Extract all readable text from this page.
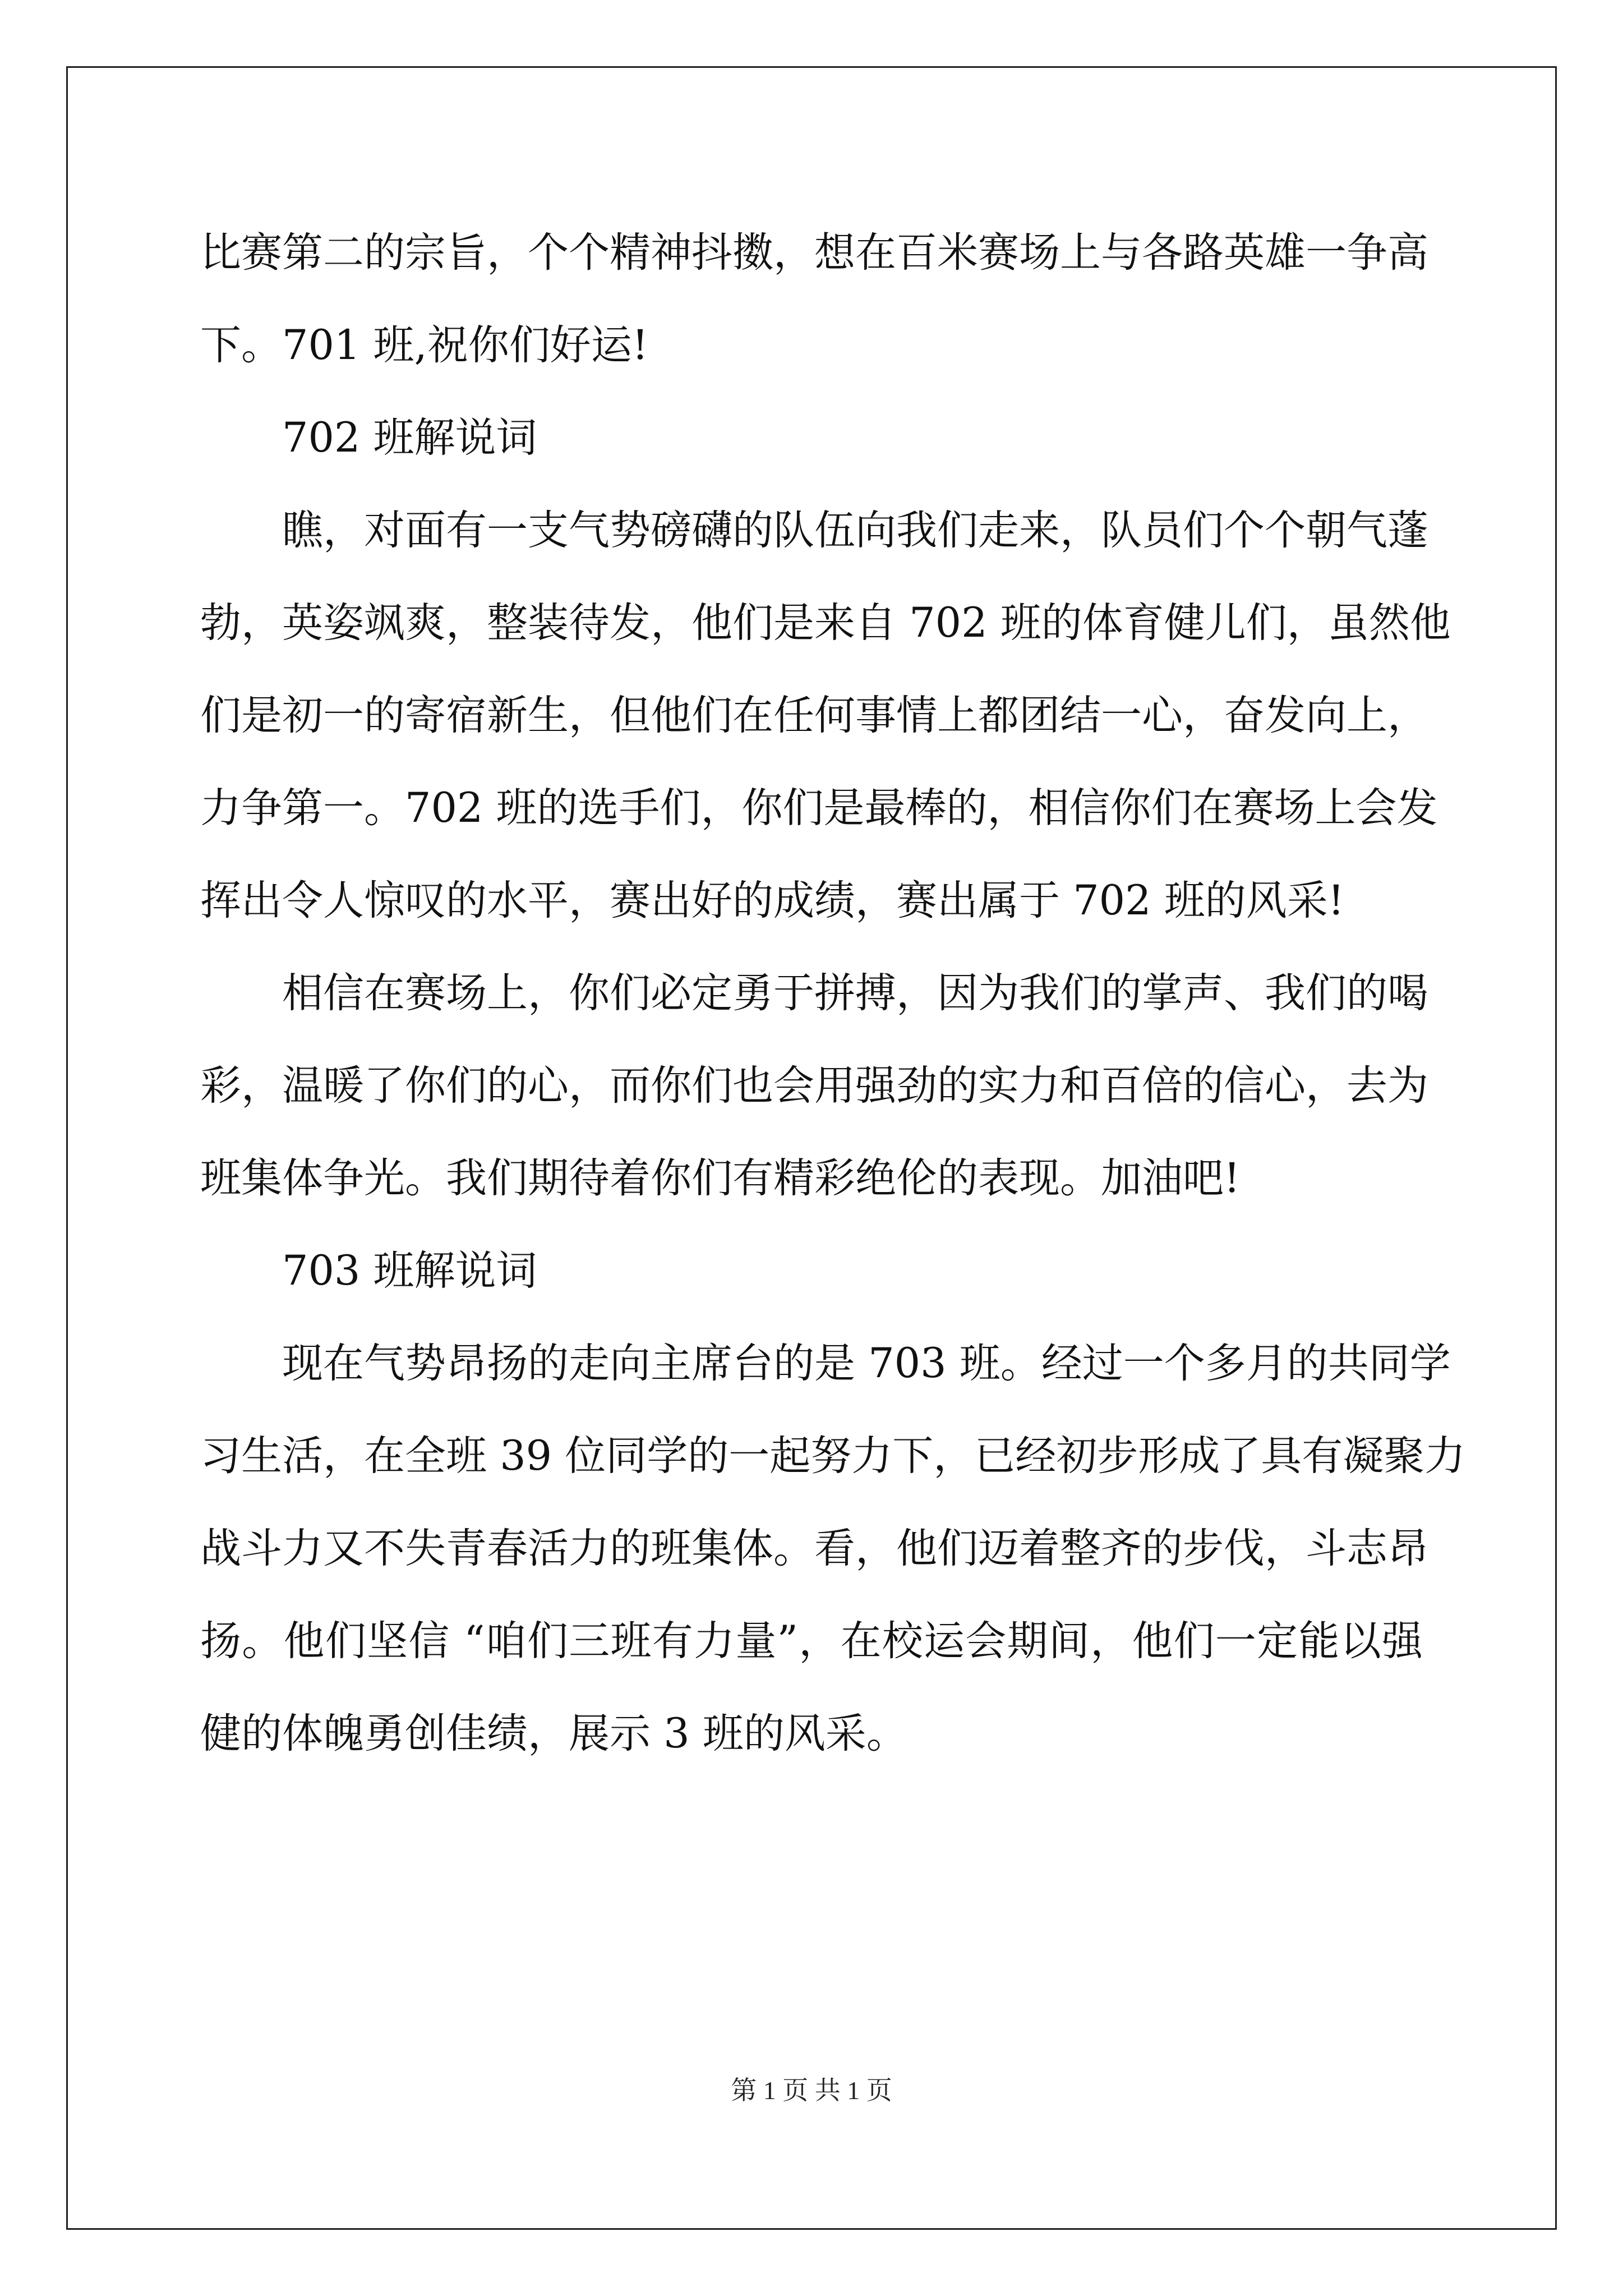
比赛第二的宗旨，个个精神抖擞，想在百米赛场上与各路英雄一争高
下。701 班,祝你们好运!
702 班解说词
瞧，对面有一支气势磅礴的队伍向我们走来，队员们个个朝气蓬
勃，英姿飒爽，整装待发，他们是来自 702 班的体育健儿们，虽然他
们是初一的寄宿新生，但他们在任何事情上都团结一心，奋发向上，
力争第一。702 班的选手们，你们是最棒的，相信你们在赛场上会发
挥出令人惊叹的水平，赛出好的成绩，赛出属于 702 班的风采!
相信在赛场上，你们必定勇于拼搏，因为我们的掌声、我们的喝
彩，温暖了你们的心，而你们也会用强劲的实力和百倍的信心，去为
班集体争光。我们期待着你们有精彩绝伦的表现。加油吧!
703 班解说词
现在气势昂扬的走向主席台的是 703 班。经过一个多月的共同学
习生活，在全班 39 位同学的一起努力下，已经初步形成了具有凝聚力
战斗力又不失青春活力的班集体。看，他们迈着整齐的步伐，斗志昂
扬。他们坚信 “咱们三班有力量”，在校运会期间，他们一定能以强
健的体魄勇创佳绩，展示 3 班的风采。
第 1 页 共 1 页
